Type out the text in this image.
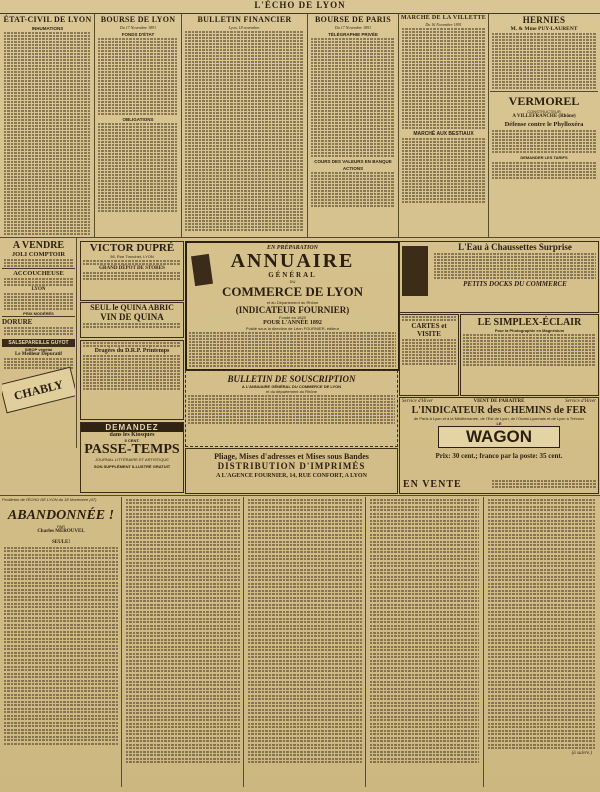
L'ÉCHO DE LYON
ÉTAT-CIVIL DE LYON
INHUMATIONS
BOURSE DE LYON
Du 17 Novembre 1891
FONDS D'ÉTAT
OBLIGATIONS
BULLETIN FINANCIER
Lyon, 18 novembre.
BOURSE DE PARIS
Du 17 Novembre 1891
TÉLÉGRAPHIE PRIVÉE
COURS DES VALEURS EN BANQUE
ACTIONS
MARCHÉ DE LA VILLETTE
Du 16 Novembre 1891
MARCHÉ AUX BESTIAUX
HERNIES
M. & Mme PUY-LAURENT
VERMOREL
CONSTRUCTEUR
A VILLEFRANCHE (Rhône)
Défense contre le Phylloxéra
DEMANDER LES TARIFS
A VENDRE
JOLI COMPTOIR
ACCOUCHEUSE
LYON
PRIX MODÉRÉS
DORURE
SALSEPAREILLE GUYOT
SIROP végétal
Le Meilleur Dépuratif
CHABLY
VICTOR DUPRÉ
56, Rue Tronchet, LYON
GRAND DÉPOT DE STORES
SEUL le QUINA ABRIC
VIN DE QUINA
Dragées du D.R.P. Printemps
DEMANDEZ
dans les Kiosques
5 CENT.
PASSE-TEMPS
JOURNAL LITTÉRAIRE ET ARTISTIQUE
SON SUPPLÉMENT ILLUSTRÉ GRATUIT
EN PRÉPARATION
ANNUAIRE
GÉNÉRAL
DU
COMMERCE DE LYON
et du Département du Rhône
(INDICATEUR FOURNIER)
Fondé en 1820
POUR L'ANNÉE 1892
Publié sous la direction de Léon FOURNIER, éditeur
BULLETIN DE SOUSCRIPTION
A L'ANNUAIRE GÉNÉRAL DU COMMERCE DE LYON
et du département du Rhône
Pliage, Mises d'adresses et Mises sous Bandes
DISTRIBUTION D'IMPRIMÉS
A L'AGENCE FOURNIER, 14, RUE CONFORT, A LYON
L'Eau à Chaussettes Surprise
PETITS DOCKS DU COMMERCE
CARTES et VISITE
LE SIMPLEX-ÉCLAIR
Pour la Photographie en Magnésium
Service d'Hiver	VIENT DE PARAITRE	Service d'Hiver
L'INDICATEUR des CHEMINS de FER
de Paris à Lyon et à la Méditerranée, de l'Est de Lyon, de l'Ouest-Lyonnais et de Lyon à Trévoux
LE
WAGON
Prix: 30 cent.; franco par la poste: 35 cent.
EN VENTE
Feuilleton de l'ÉCHO DE LYON du 18 Novembre (47)
ABANDONNÉE !
PAR
Charles MÉROUVEL
SEULE!
(à suivre.)
